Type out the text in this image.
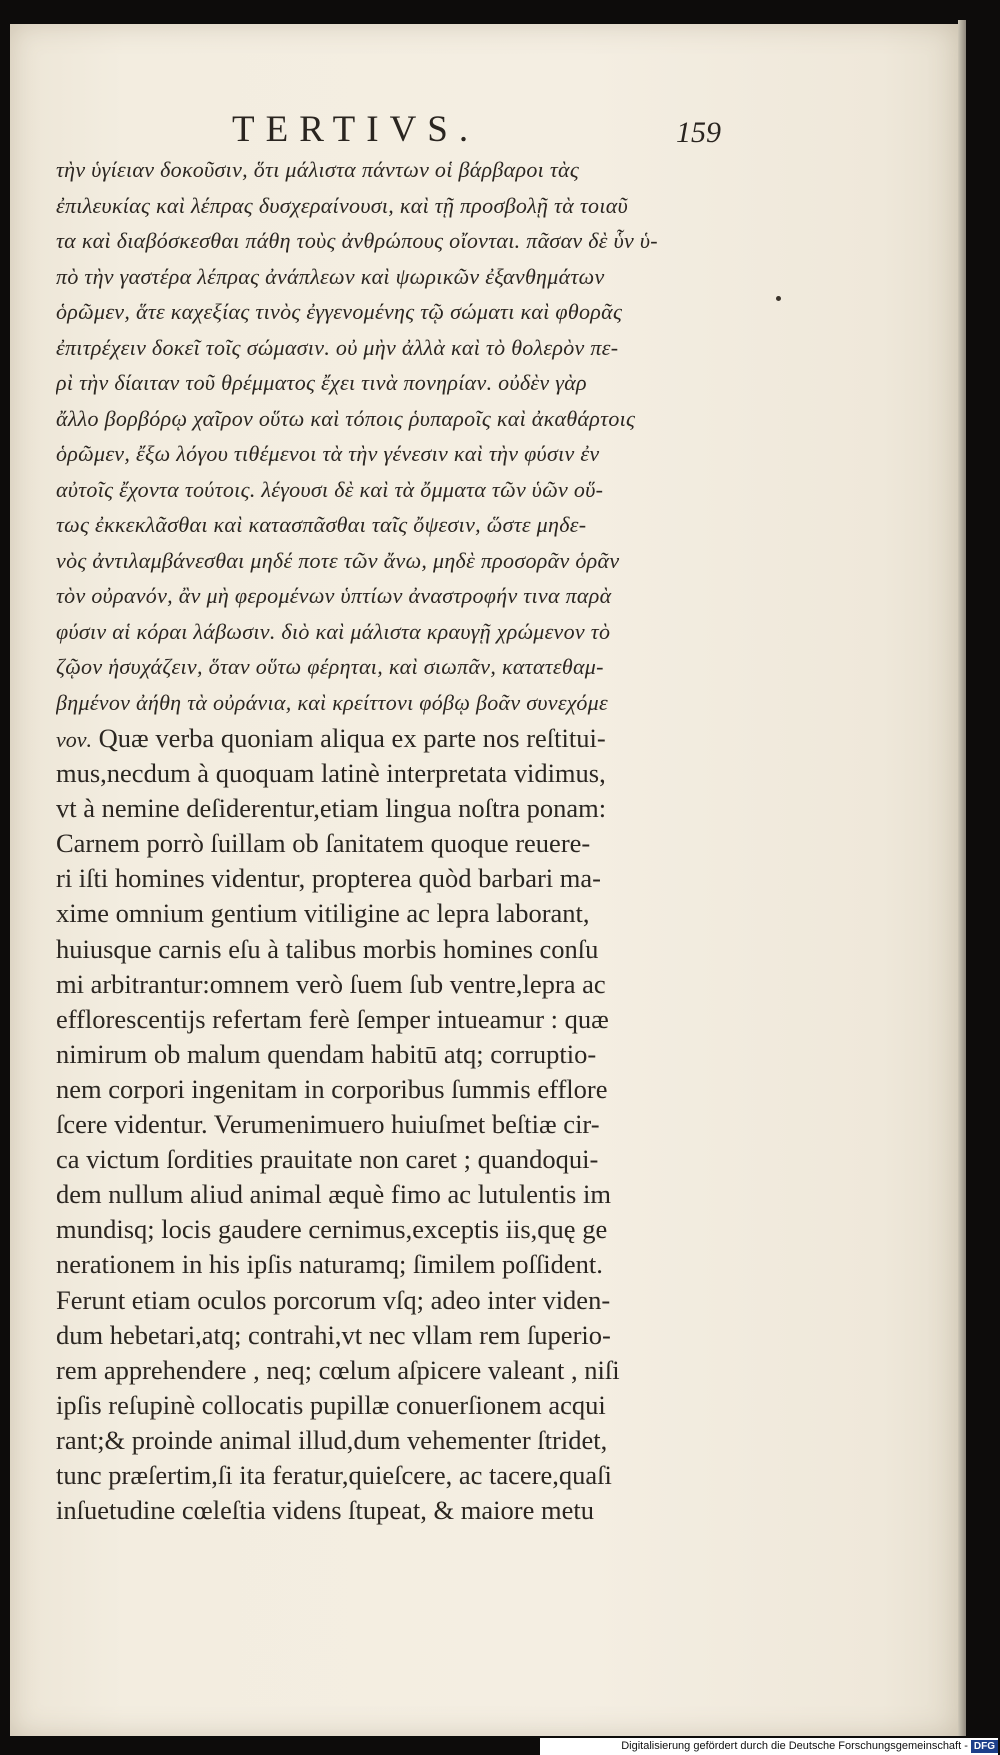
TERTIVS.	159
τὴν ὑγίειαν δοκοῦσιν, ὅτι μάλιστα πάντων οἱ βάρβαροι τὰς
ἐπιλευκίας καὶ λέπρας δυσχεραίνουσι, καὶ τῇ προσβολῇ τὰ τοιαῦ
τα καὶ διαβόσκεσθαι πάθη τοὺς ἀνθρώπους οἴονται. πᾶσαν δὲ ὗν ὑ-
πὸ τὴν γαστέρα λέπρας ἀνάπλεων καὶ ψωρικῶν ἐξανθημάτων
ὁρῶμεν, ἅτε καχεξίας τινὸς ἐγγενομένης τῷ σώματι καὶ φθορᾶς
ἐπιτρέχειν δοκεῖ τοῖς σώμασιν. οὐ μὴν ἀλλὰ καὶ τὸ θολερὸν πε-
ρὶ τὴν δίαιταν τοῦ θρέμματος ἔχει τινὰ πονηρίαν. οὐδὲν γὰρ
ἄλλο βορβόρῳ χαῖρον οὕτω καὶ τόποις ῥυπαροῖς καὶ ἀκαθάρτοις
ὁρῶμεν, ἔξω λόγου τιθέμενοι τὰ τὴν γένεσιν καὶ τὴν φύσιν ἐν
αὐτοῖς ἔχοντα τούτοις. λέγουσι δὲ καὶ τὰ ὄμματα τῶν ὑῶν οὕ-
τως ἐκκεκλᾶσθαι καὶ κατασπᾶσθαι ταῖς ὄψεσιν, ὥστε μηδε-
νὸς ἀντιλαμβάνεσθαι μηδέ ποτε τῶν ἄνω, μηδὲ προσορᾶν ὁρᾶν
τὸν οὐρανόν, ἂν μὴ φερομένων ὑπτίων ἀναστροφήν τινα παρὰ
φύσιν αἱ κόραι λάβωσιν. διὸ καὶ μάλιστα κραυγῇ χρώμενον τὸ
ζῷον ἡσυχάζειν, ὅταν οὕτω φέρηται, καὶ σιωπᾶν, κατατεθαμ-
βημένον ἀήθη τὰ οὐράνια, καὶ κρείττονι φόβῳ βοᾶν συνεχόμε
νον. Quæ verba quoniam aliqua ex parte nos reſtitui-
mus,necdum à quoquam latinè interpretata vidimus,
vt à nemine deſiderentur,etiam lingua noſtra ponam:
Carnem porrò ſuillam ob ſanitatem quoque reuere-
ri iſti homines videntur, propterea quòd barbari ma-
xime omnium gentium vitiligine ac lepra laborant,
huiusque carnis eſu à talibus morbis homines conſu
mi arbitrantur:omnem verò ſuem ſub ventre,lepra ac
efflorescentijs refertam ferè ſemper intueamur : quæ
nimirum ob malum quendam habitū atq; corruptio-
nem corpori ingenitam in corporibus ſummis efflore
ſcere videntur. Verumenimuero huiuſmet beſtiæ cir-
ca victum ſordities prauitate non caret ; quandoqui-
dem nullum aliud animal æquè fimo ac lutulentis im
mundisq; locis gaudere cernimus,exceptis iis,quę ge
nerationem in his ipſis naturamq; ſimilem poſſident.
Ferunt etiam oculos porcorum vſq; adeo inter viden-
dum hebetari,atq; contrahi,vt nec vllam rem ſuperio-
rem apprehendere , neq; cœlum aſpicere valeant , niſi
ipſis reſupinè collocatis pupillæ conuerſionem acqui
rant;& proinde animal illud,dum vehementer ſtridet,
tunc præſertim,ſi ita feratur,quieſcere, ac tacere,quaſi
inſuetudine cœleſtia videns ſtupeat, & maiore metu
Digitalisierung gefördert durch die Deutsche Forschungsgemeinschaft - DFG
